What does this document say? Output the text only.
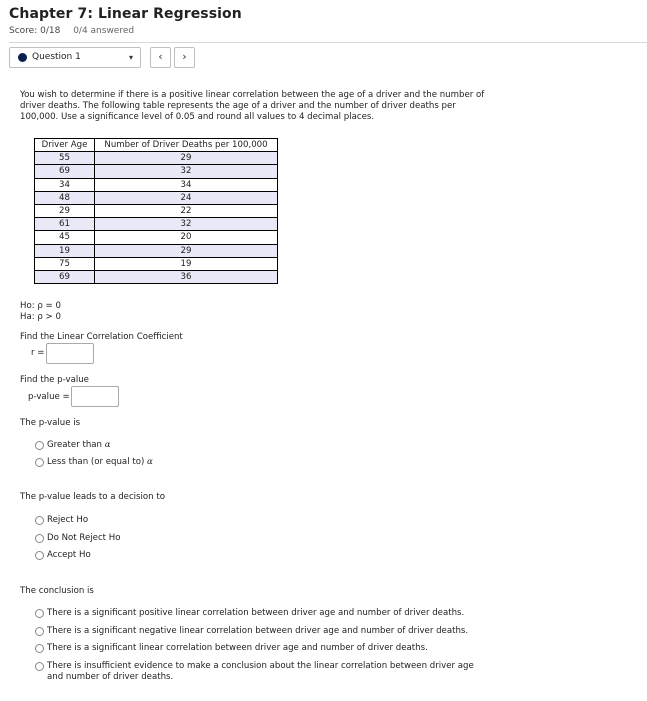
Chapter 7: Linear Regression
Score: 0/18 0/4 answered
Question 1	▾	‹	›
You wish to determine if there is a positive linear correlation between the age of a driver and the number of driver deaths. The following table represents the age of a driver and the number of driver deaths per 100,000. Use a significance level of 0.05 and round all values to 4 decimal places.
Driver Age	Number of Driver Deaths per 100,000
55	29
69	32
34	34
48	24
29	22
61	32
45	20
19	29
75	19
69	36
Ho: ρ = 0
Ha: ρ > 0
Find the Linear Correlation Coefficient
r =
Find the p-value
p-value =
The p-value is
Greater than α
Less than (or equal to) α
The p-value leads to a decision to
Reject Ho
Do Not Reject Ho
Accept Ho
The conclusion is
There is a significant positive linear correlation between driver age and number of driver deaths.
There is a significant negative linear correlation between driver age and number of driver deaths.
There is a significant linear correlation between driver age and number of driver deaths.
There is insufficient evidence to make a conclusion about the linear correlation between driver age and number of driver deaths.
